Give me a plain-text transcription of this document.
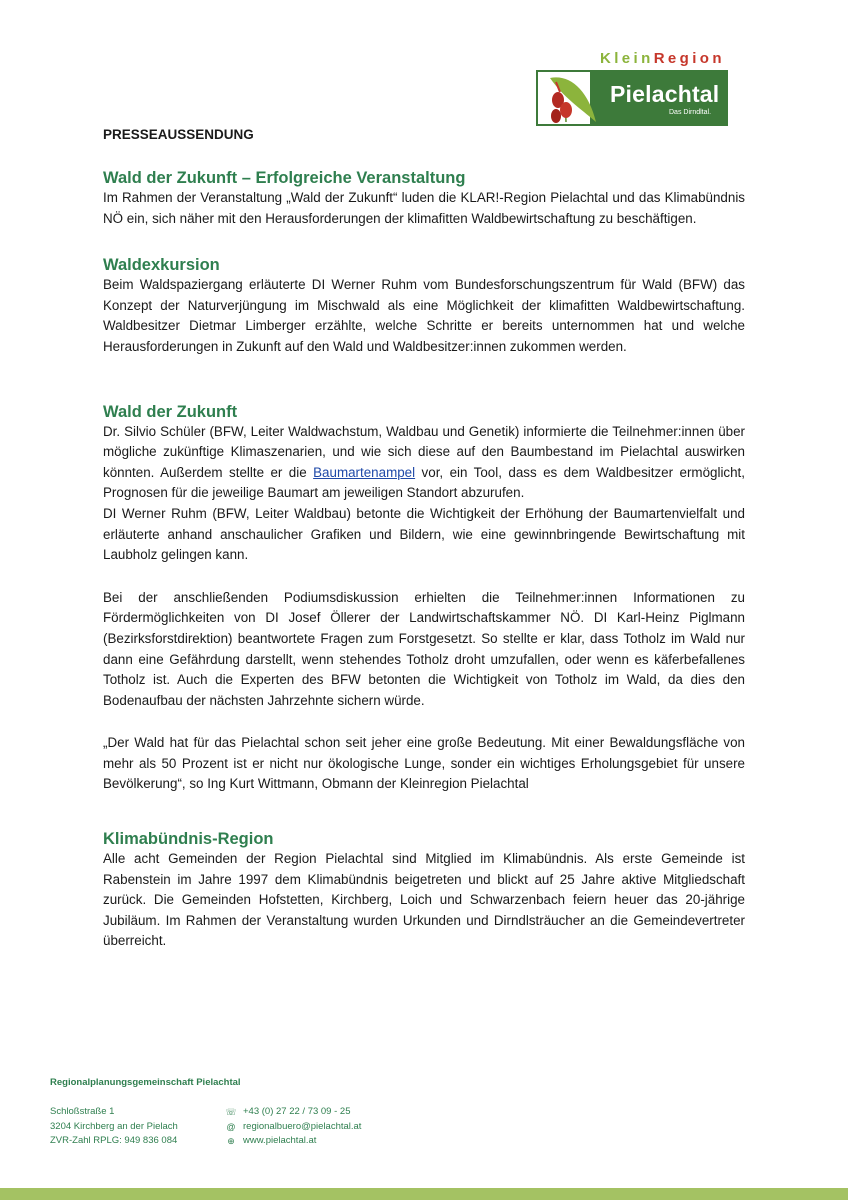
KleinRegion
Pielachtal
Das Dirndltal.
PRESSEAUSSENDUNG
Wald der Zukunft – Erfolgreiche Veranstaltung

Im Rahmen der Veranstaltung „Wald der Zukunft“ luden die KLAR!-Region Pielachtal und das Klimabündnis NÖ ein, sich näher mit den Herausforderungen der klimafitten Waldbewirtschaftung zu beschäftigen.

Waldexkursion

Beim Waldspaziergang erläuterte DI Werner Ruhm vom Bundesforschungszentrum für Wald (BFW) das Konzept der Naturverjüngung im Mischwald als eine Möglichkeit der klimafitten Waldbewirtschaftung. Waldbesitzer Dietmar Limberger erzählte, welche Schritte er bereits unternommen hat und welche Herausforderungen in Zukunft auf den Wald und Waldbesitzer:innen zukommen werden.

Wald der Zukunft

Dr. Silvio Schüler (BFW, Leiter Waldwachstum, Waldbau und Genetik) informierte die Teilnehmer:innen über mögliche zukünftige Klimaszenarien, und wie sich diese auf den Baumbestand im Pielachtal auswirken könnten. Außerdem stellte er die Baumartenampel vor, ein Tool, dass es dem Waldbesitzer ermöglicht, Prognosen für die jeweilige Baumart am jeweiligen Standort abzurufen.

DI Werner Ruhm (BFW, Leiter Waldbau) betonte die Wichtigkeit der Erhöhung der Baumartenvielfalt und erläuterte anhand anschaulicher Grafiken und Bildern, wie eine gewinnbringende Bewirtschaftung mit Laubholz gelingen kann.

Bei der anschließenden Podiumsdiskussion erhielten die Teilnehmer:innen Informationen zu Fördermöglichkeiten von DI Josef Öllerer der Landwirtschaftskammer NÖ. DI Karl-Heinz Piglmann (Bezirksforstdirektion) beantwortete Fragen zum Forstgesetzt. So stellte er klar, dass Totholz im Wald nur dann eine Gefährdung darstellt, wenn stehendes Totholz droht umzufallen, oder wenn es käferbefallenes Totholz ist. Auch die Experten des BFW betonten die Wichtigkeit von Totholz im Wald, da dies den Bodenaufbau der nächsten Jahrzehnte sichern würde.

„Der Wald hat für das Pielachtal schon seit jeher eine große Bedeutung. Mit einer Bewaldungsfläche von mehr als 50 Prozent ist er nicht nur ökologische Lunge, sonder ein wichtiges Erholungsgebiet für unsere Bevölkerung“, so Ing Kurt Wittmann, Obmann der Kleinregion Pielachtal

Klimabündnis-Region

Alle acht Gemeinden der Region Pielachtal sind Mitglied im Klimabündnis. Als erste Gemeinde ist Rabenstein im Jahre 1997 dem Klimabündnis beigetreten und blickt auf 25 Jahre aktive Mitgliedschaft zurück. Die Gemeinden Hofstetten, Kirchberg, Loich und Schwarzenbach feiern heuer das 20-jährige Jubiläum. Im Rahmen der Veranstaltung wurden Urkunden und Dirndlsträucher an die Gemeindevertreter überreicht.

Regionalplanungsgemeinschaft Pielachtal
Schloßstraße 1
3204 Kirchberg an der Pielach
ZVR-Zahl RPLG: 949 836 084
☏ +43 (0) 27 22 / 73 09 - 25
@ regionalbuero@pielachtal.at
⊕ www.pielachtal.at
